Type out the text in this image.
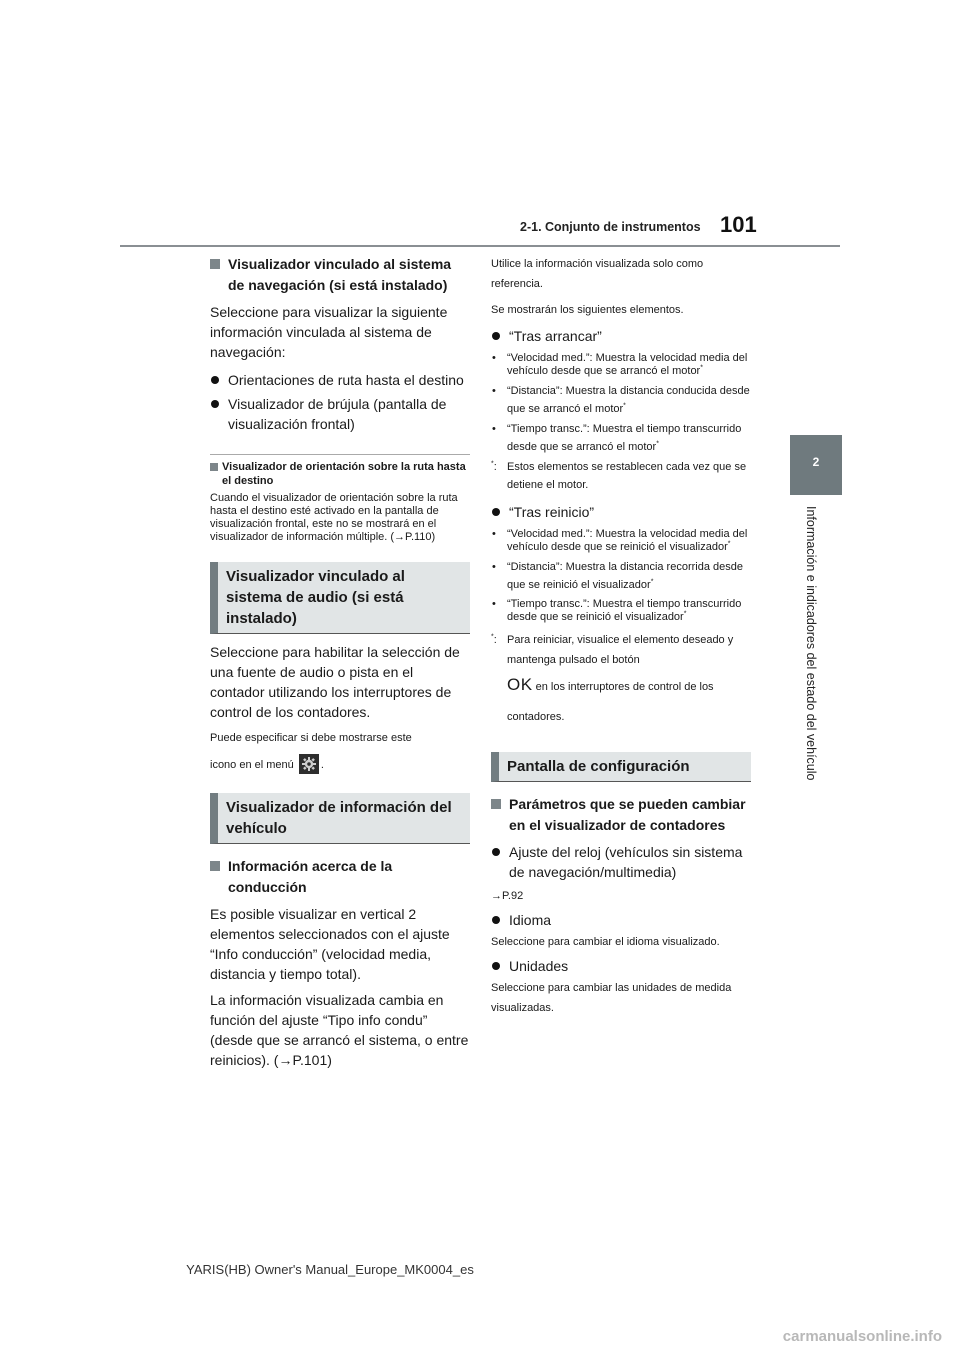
2-1. Conjunto de instrumentos 101
2
Información e indicadores del estado del vehículo

Visualizador vinculado al sistema de navegación (si está instalado)

Seleccione para visualizar la siguiente información vinculada al sistema de navegación:

Orientaciones de ruta hasta el destino
Visualizador de brújula (pantalla de visualización frontal)

Visualizador de orientación sobre la ruta hasta el destino

Cuando el visualizador de orientación sobre la ruta hasta el destino esté activado en la pantalla de visualización frontal, este no se mostrará en el visualizador de información múltiple. (→P.110)

Visualizador vinculado al sistema de audio (si está instalado)

Seleccione para habilitar la selección de una fuente de audio o pista en el contador utilizando los interruptores de control de los contadores.

Puede especificar si debe mostrarse este

icono en el menú .

Visualizador de información del vehículo

Información acerca de la conducción

Es posible visualizar en vertical 2 elementos seleccionados con el ajuste “Info conducción” (velocidad media, distancia y tiempo total).

La información visualizada cambia en función del ajuste “Tipo info condu” (desde que se arrancó el sistema, o entre reinicios). (→P.101)

Utilice la información visualizada solo como referencia.

Se mostrarán los siguientes elementos.

“Tras arrancar”
• “Velocidad med.”: Muestra la velocidad media del vehículo desde que se arrancó el motor*
• “Distancia”: Muestra la distancia conducida desde que se arrancó el motor*
• “Tiempo transc.”: Muestra el tiempo transcurrido desde que se arrancó el motor*
*: Estos elementos se restablecen cada vez que se detiene el motor.
“Tras reinicio”
• “Velocidad med.”: Muestra la velocidad media del vehículo desde que se reinició el visualizador*
• “Distancia”: Muestra la distancia recorrida desde que se reinició el visualizador*
• “Tiempo transc.”: Muestra el tiempo transcurrido desde que se reinició el visualizador*
*: Para reiniciar, visualice el elemento deseado y mantenga pulsado el botón
OK en los interruptores de control de los contadores.
Pantalla de configuración

Parámetros que se pueden cambiar en el visualizador de contadores

Ajuste del reloj (vehículos sin sistema de navegación/multimedia)

→P.92

Idioma

Seleccione para cambiar el idioma visualizado.

Unidades

Seleccione para cambiar las unidades de medida visualizadas.

YARIS(HB) Owner's Manual_Europe_MK0004_es
carmanualsonline.info
